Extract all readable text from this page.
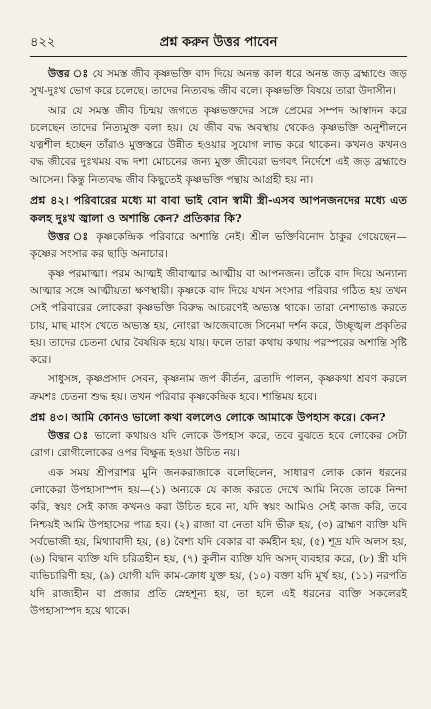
৪২২	প্রশ্ন করুন উত্তর পাবেন

উত্তর ঃ যে সমস্ত জীব কৃষ্ণভক্তি বাদ দিয়ে অনন্ত কাল ধরে অনন্ত জড় ব্রহ্মাণ্ডে জড় সুখ-দুঃখ ভোগ করে চলেছে। তাদের নিত্যবদ্ধ জীব বলে। কৃষ্ণভক্তি বিষয়ে তারা উদাসীন।

আর যে সমস্ত জীব চিন্ময় জগতে কৃষ্ণভক্তদের সঙ্গে প্রেমের সম্পদ আস্বাদন করে চলেছেন তাদের নিত্যমুক্ত বলা হয়। যে জীব বদ্ধ অবস্থায় থেকেও কৃষ্ণভক্তি অনুশীলনে যত্নশীল হচ্ছেন তাঁরাও মুক্তস্তরে উন্নীত হওয়ার সুযোগ লাভ করে থাকেন। কখনও কখনও বদ্ধ জীবের দুঃখময় বদ্ধ দশা মোচনের জন্য মুক্ত জীবেরা ভগবৎ নির্দেশে এই জড় ব্রহ্মাণ্ডে আসেন। কিন্তু নিত্যবদ্ধ জীব কিছুতেই কৃষ্ণভক্তি পন্থায় আগ্রহী হয় না।

প্রশ্ন ৪২। পরিবারের মধ্যে মা বাবা ভাই বোন স্বামী স্ত্রী-এসব আপনজনদের মধ্যে এত কলহ দুঃখ জ্বালা ও অশান্তি কেন? প্রতিকার কি?

উত্তর ঃ কৃষ্ণকেন্দ্রিক পরিবারে অশান্তি নেই। শ্রীল ভক্তিবিনোদ ঠাকুর গেয়েছেন— কৃষ্ণের সংসার কর ছাড়ি অনাচার।

কৃষ্ণ পরমাত্মা। পরম আত্মই জীবাত্মার আত্মীয় বা আপনজন। তাঁকে বাদ দিয়ে অন্যান্য আত্মার সঙ্গে আত্মীয়তা ক্ষণস্থায়ী। কৃষ্ণকে বাদ দিয়ে যখন সংসার পরিবার গঠিত হয় তখন সেই পরিবারের লোকেরা কৃষ্ণভক্তি বিরুদ্ধ আচরণেই অভ্যস্ত থাকে। তারা নেশাভাঙ করতে চায়, মাছ মাংস খেতে অভ্যস্ত হয়, নোংরা আজেবাজে সিনেমা দর্শন করে, উচ্ছৃঙ্খল প্রকৃতির হয়। তাদের চেতনা ঘোর বৈষয়িক হয়ে যায়। ফলে তারা কথায় কথায় পরস্পরের অশান্তি সৃষ্টি করে।

সাধুসঙ্গ, কৃষ্ণপ্রসাদ সেবন, কৃষ্ণনাম জপ কীর্তন, ব্রতাদি পালন, কৃষ্ণকথা শ্রবণ করলে ক্রমশঃ চেতনা শুদ্ধ হয়। তখন পরিবার কৃষ্ণকেন্দ্রিক হবে। শান্তিময় হবে।

প্রশ্ন ৪৩। আমি কোনও ভালো কথা বললেও লোকে আমাকে উপহাস করে। কেন?

উত্তর ঃ ভালো কথায়ও যদি লোকে উপহাস করে, তবে বুঝতে হবে লোকের সেটা রোগ। রোগীলোকের ওপর বিক্ষুব্ধ হওয়া উচিত নয়।

এক সময় শ্রীপরাশর মুনি জনকরাজাকে বলেছিলেন, সাধারণ লোক কোন ধরনের লোকেরা উপহাসাস্পদ হয়—(১) অন্যকে যে কাজ করতে দেখে আমি নিজে তাকে নিন্দা করি, স্বয়ং সেই কাজ কখনও করা উচিত হবে না, যদি স্বয়ং আমিও সেই কাজ করি, তবে নিশ্চয়ই আমি উপহাসের পাত্র হব। (২) রাজা বা নেতা যদি ভীরু হয়, (৩) ব্রাহ্মণ ব্যক্তি যদি সর্বভোজী হয়, মিথ্যাবাদী হয়, (৪) বৈশ্য যদি বেকার বা কর্মহীন হয়, (৫) শূদ্র যদি অলস হয়, (৬) বিদ্বান ব্যক্তি যদি চরিত্রহীন হয়, (৭) কুলীন ব্যক্তি যদি অসদ্ ব্যবহার করে, (৮) স্ত্রী যদি ব্যভিচারিণী হয়, (৯) যোগী যদি কাম-ক্রোধ যুক্ত হয়, (১০) বক্তা যদি মূর্খ হয়, (১১) নরপতি যদি রাজ্যহীন বা প্রজার প্রতি স্নেহশূন্য হয়, তা হলে এই ধরনের ব্যক্তি সকলেরই উপহাসাস্পদ হয়ে থাকে।
